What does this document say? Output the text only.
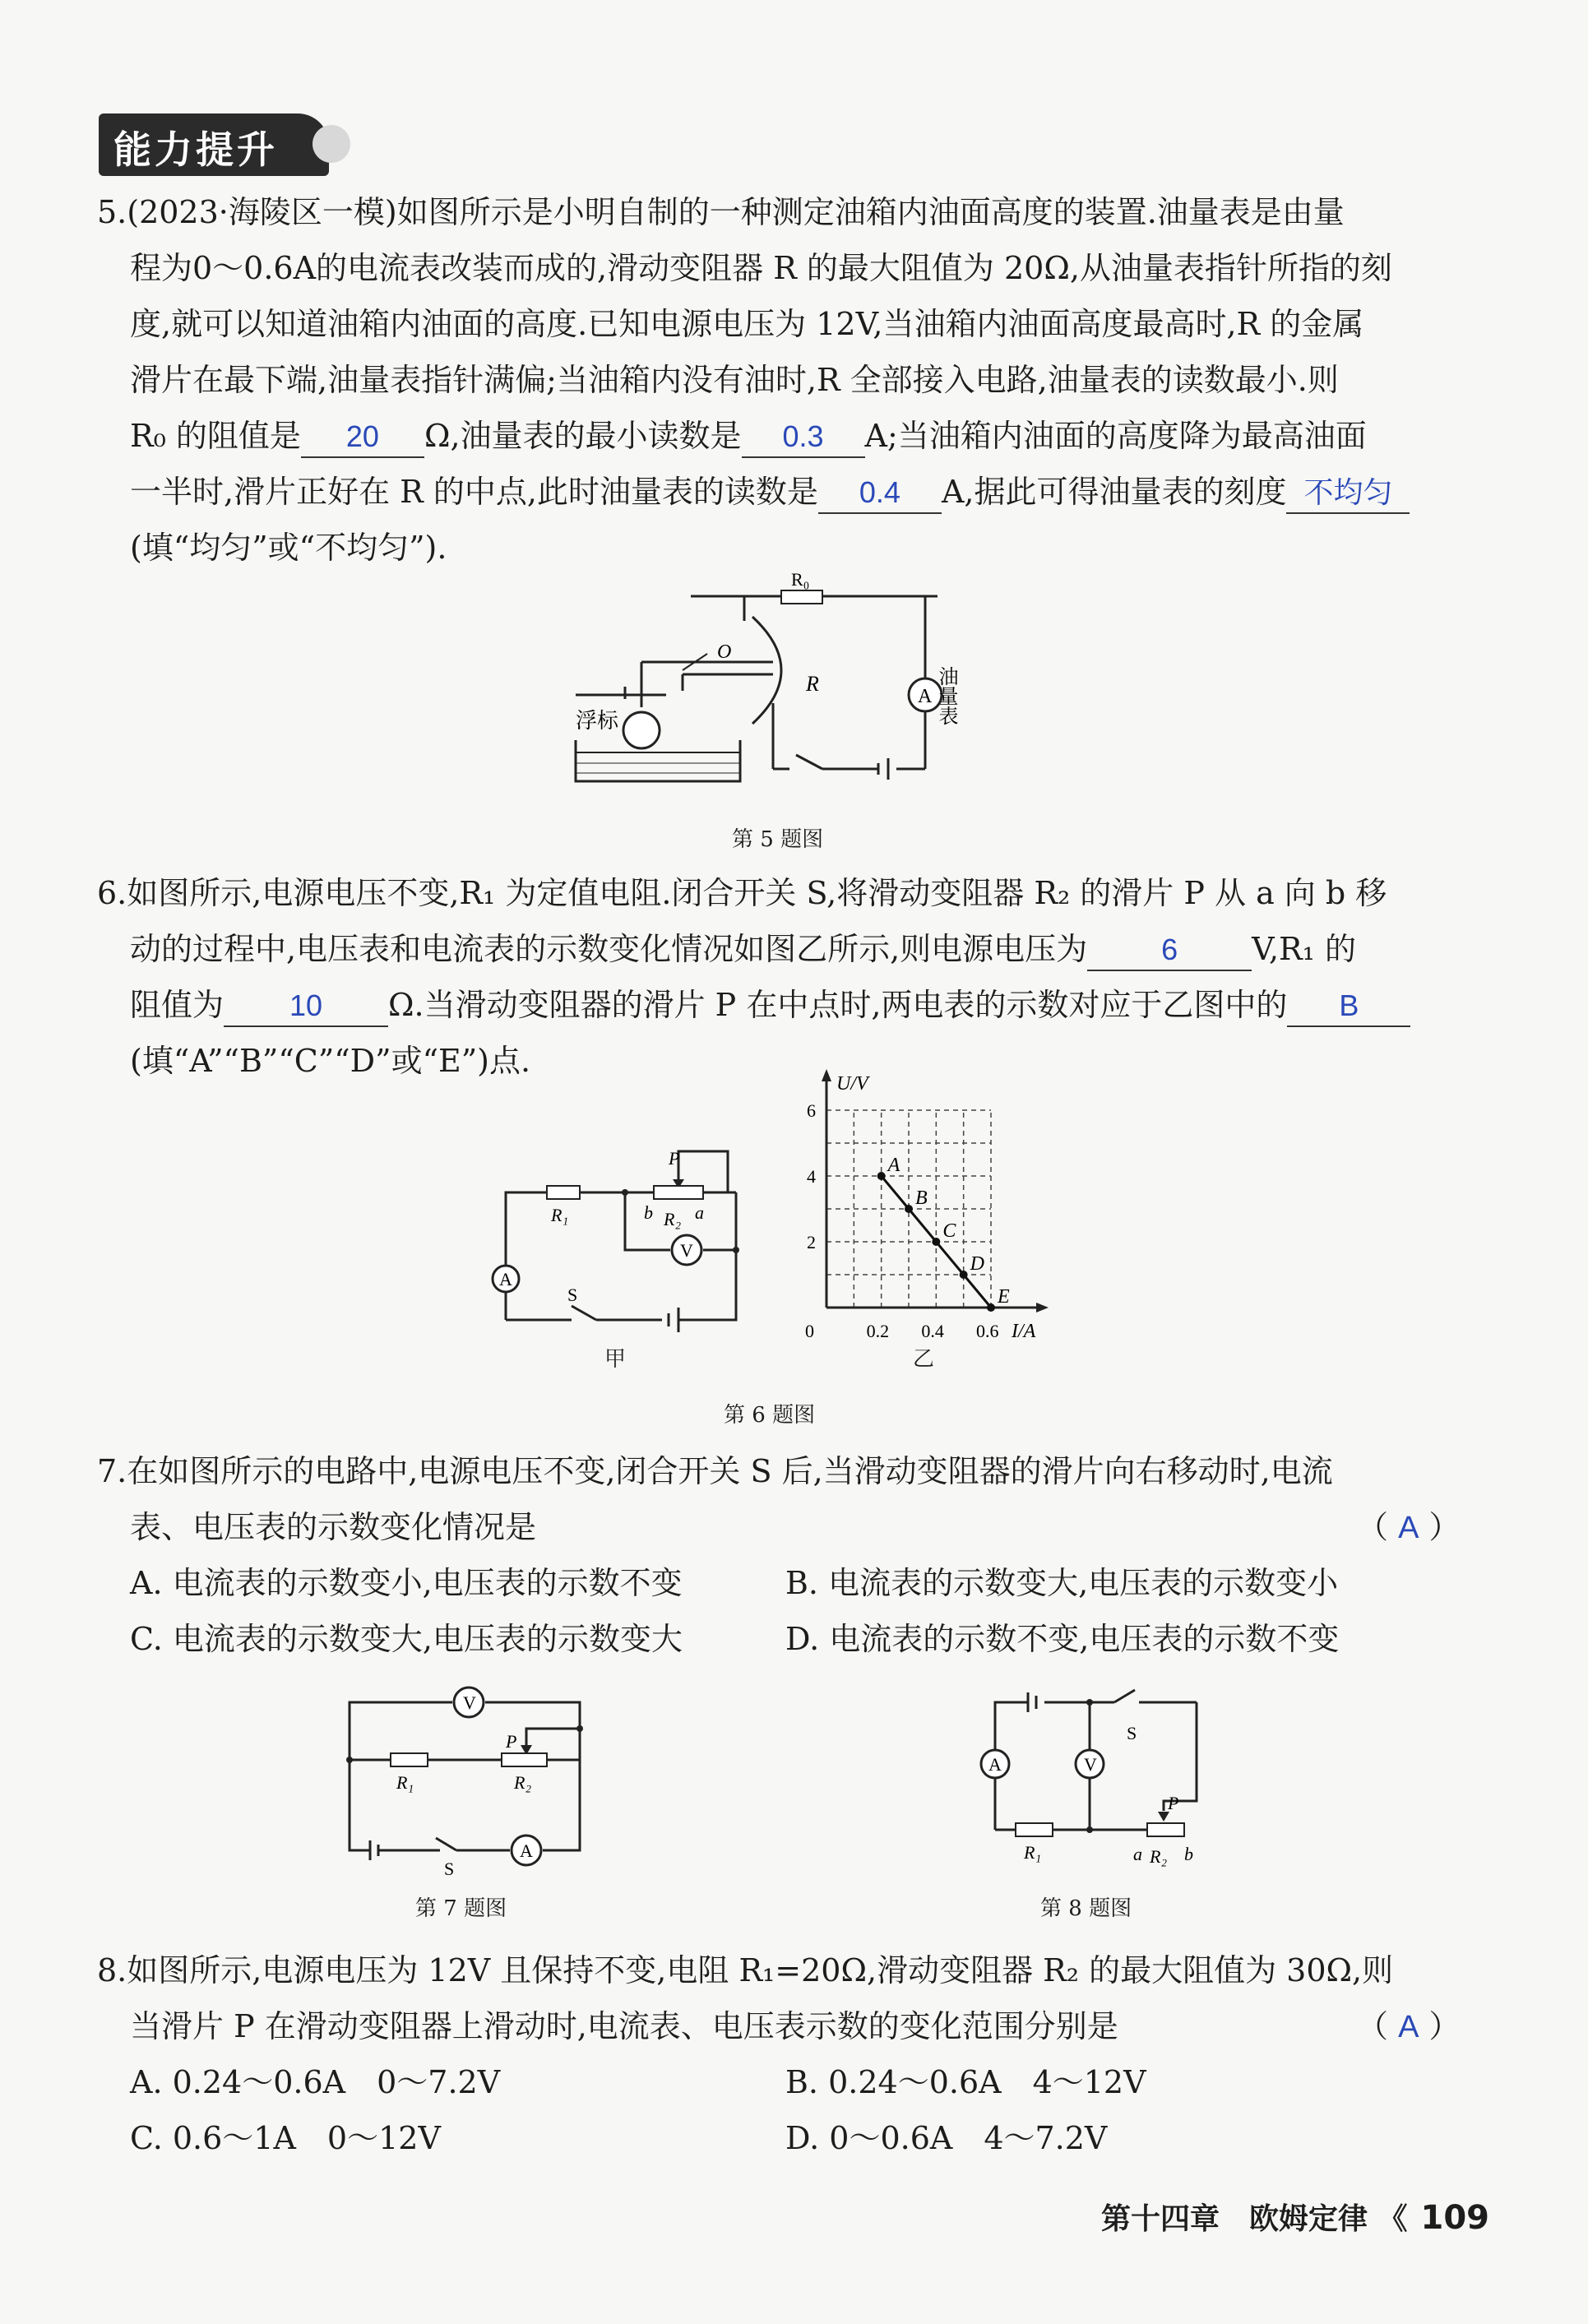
能力提升
5.(2023·海陵区一模)如图所示是小明自制的一种测定油箱内油面高度的装置.油量表是由量
程为0～0.6A的电流表改装而成的,滑动变阻器 R 的最大阻值为 20Ω,从油量表指针所指的刻
度,就可以知道油箱内油面的高度.已知电源电压为 12V,当油箱内油面高度最高时,R 的金属
滑片在最下端,油量表指针满偏;当油箱内没有油时,R 全部接入电路,油量表的读数最小.则
R₀ 的阻值是 20 Ω,油量表的最小读数是 0.3 A;当油箱内油面的高度降为最高油面
一半时,滑片正好在 R 的中点,此时油量表的读数是 0.4 A,据此可得油量表的刻度 不均匀
(填“均匀”或“不均匀”).
R₀
O
R
A 油量表
浮标
第 5 题图
6.如图所示,电源电压不变,R₁ 为定值电阻.闭合开关 S,将滑动变阻器 R₂ 的滑片 P 从 a 向 b 移
动的过程中,电压表和电流表的示数变化情况如图乙所示,则电源电压为 6 V,R₁ 的
阻值为 10 Ω.当滑动变阻器的滑片 P 在中点时,两电表的示数对应于乙图中的 B
(填“A”“B”“C”“D”或“E”)点.
A
V
R₁	R₂
P
b a
S
甲
U/V
I/A
0	0.2 0.4 0.6
2
4
6
A
B
C
D
E
乙
第 6 题图
7.在如图所示的电路中,电源电压不变,闭合开关 S 后,当滑动变阻器的滑片向右移动时,电流
表、电压表的示数变化情况是	（ A ）
A. 电流表的示数变小,电压表的示数不变	B. 电流表的示数变大,电压表的示数变小
C. 电流表的示数变大,电压表的示数变大	D. 电流表的示数不变,电压表的示数不变
V
A
P
R₁	R₂
S
第 7 题图
A	V
S
P
R₁	R₂
a b
第 8 题图
8.如图所示,电源电压为 12V 且保持不变,电阻 R₁=20Ω,滑动变阻器 R₂ 的最大阻值为 30Ω,则
当滑片 P 在滑动变阻器上滑动时,电流表、电压表示数的变化范围分别是	（ A ）
A. 0.24～0.6A　0～7.2V	B. 0.24～0.6A　4～12V
C. 0.6～1A　0～12V	D. 0～0.6A　4～7.2V
第十四章　欧姆定律 《 109
